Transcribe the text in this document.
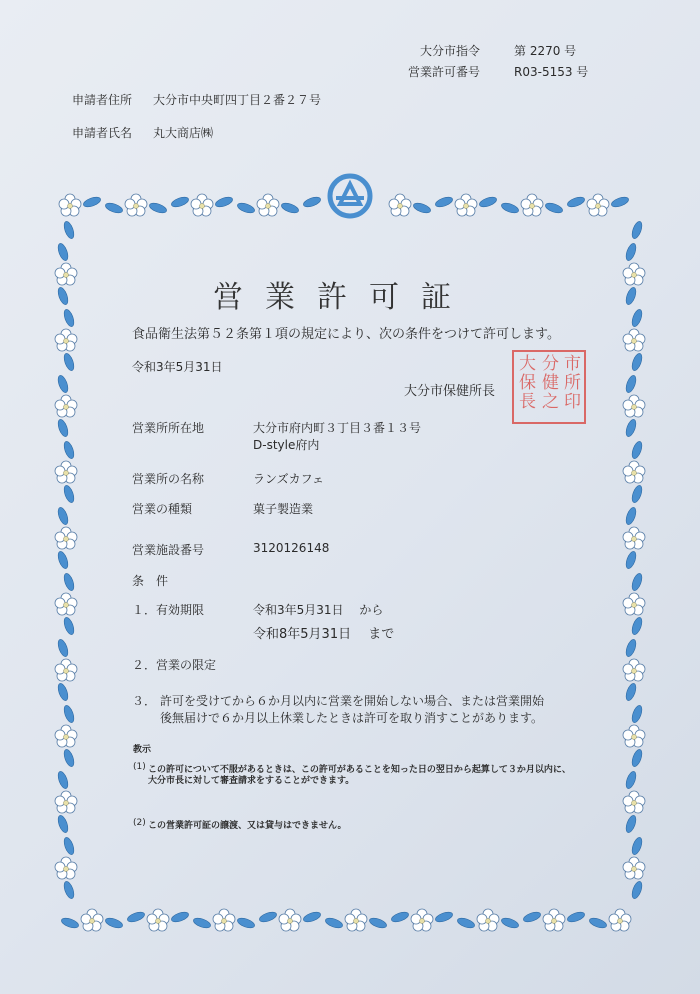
大分市指令	第 2270 号
営業許可番号	R03-5153 号
申請者住所 大分市中央町四丁目２番２７号
申請者氏名 丸大商店㈱
営業許可証
食品衛生法第５２条第１項の規定により、次の条件をつけて許可します。
令和3年5月31日
大分市保健所長
市
所
印
分
健
之
大
保
長
営業所所在地	大分市府内町３丁目３番１３号
D-style府内
営業所の名称	ランズカフェ
営業の種類	菓子製造業
営業施設番号	3120126148
条　件
１．有効期限	令和3年5月31日　 から
令和8年5月31日　 まで
２．営業の限定
３． 許可を受けてから６か月以内に営業を開始しない場合、または営業開始
後無届けで６か月以上休業したときは許可を取り消すことがあります。
教示
(1) この許可について不服があるときは、この許可があることを知った日の翌日から起算して３か月以内に、
大分市長に対して審査請求をすることができます。
(2) この営業許可証の譲渡、又は貸与はできません。
